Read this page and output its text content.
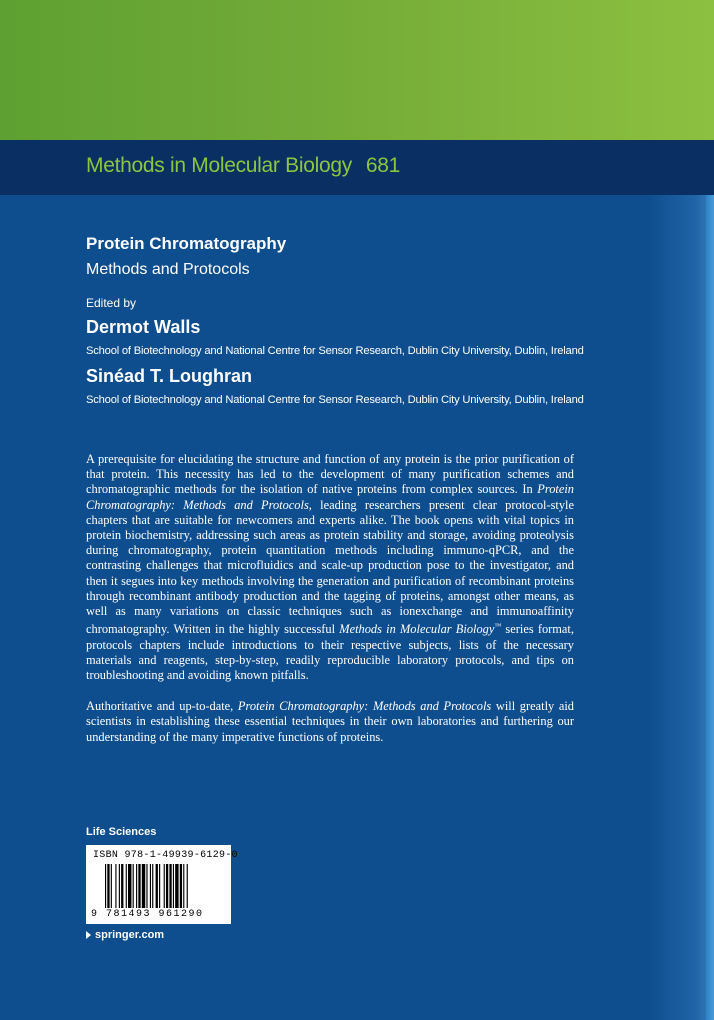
Methods in Molecular Biology 681
Protein Chromatography
Methods and Protocols
Edited by
Dermot Walls
School of Biotechnology and National Centre for Sensor Research, Dublin City University, Dublin, Ireland
Sinéad T. Loughran
School of Biotechnology and National Centre for Sensor Research, Dublin City University, Dublin, Ireland

A prerequisite for elucidating the structure and function of any protein is the prior purification of that protein. This necessity has led to the development of many purification schemes and chromatographic methods for the isolation of native proteins from complex sources. In Protein Chromatography: Methods and Protocols, leading researchers present clear protocol-style chapters that are suitable for newcomers and experts alike. The book opens with vital topics in protein biochemistry, addressing such areas as protein stability and storage, avoiding proteolysis during chromatography, protein quantitation methods including immuno-qPCR, and the contrasting challenges that microfluidics and scale-up production pose to the investigator, and then it segues into key methods involving the generation and purification of recombinant proteins through recombinant antibody production and the tagging of proteins, amongst other means, as well as many variations on classic techniques such as ionexchange and immunoaffinity chromatography. Written in the highly successful Methods in Molecular Biology™ series format, protocols chapters include introductions to their respective subjects, lists of the necessary materials and reagents, step-by-step, readily reproducible laboratory protocols, and tips on troubleshooting and avoiding known pitfalls.

Authoritative and up-to-date, Protein Chromatography: Methods and Protocols will greatly aid scientists in establishing these essential techniques in their own laboratories and furthering our understanding of the many imperative functions of proteins.

Life Sciences
ISBN 978-1-49939-6129-0
9 781493 961290
springer.com
